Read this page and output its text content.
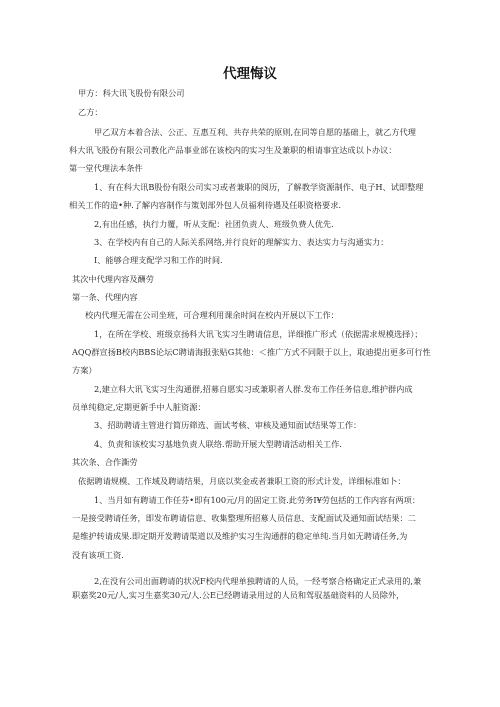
代理悔议

甲方：科大讯飞股份有限公司

乙方：

甲乙双方本着合法、公正、互惠互利、共存共荣的原则,在同等自愿的基础上，就乙方代理

科大讯飞股份有限公司教化产品事业部在该校内的实习生及兼职的相请事宜达成以卜办议：

第一堂代理法本条件

1、有在科大讯B股份有限公司实习或者兼职的阅历，了解教学资源制作、电子H、试即整理

相关工作的造•种.了解内容制作与策划部外包人员福利待遇及任职资格要求.

2,有出任感，执行力覆，听从支配：社团负责人、班级负费人优先.

3、在学校内有自己的人际关系网络,并行良好的理解实力、表达实力与沟通实力：

I、能够合理支配学习和工作的时间.

其次中代理内容及酬劳

第一条、代理内容

校内代理无需在公司坐班，可合理利用课余时间在校内开展以下工作：

1，在所在学校、班级京扬科大讯飞实习生聘请信息，详细推广形式（依据需求规模选择）；

AQQ群宣扬B校内BBS论坛C聘请海报张贴G其他：＜推广方式不同限于以上，取迪提出更多可行性

方案）

2,建立科大讯飞实习生沟通群,招募自愿实习或兼职者人群.发布工作任务信息,维护群内成

员单纯稳定,定期更新手中人脏资源：

3、招助聘请主管进行简历筛选、面试考核、审核及通知面试结果等工作：

4、负责和该校实习基地负责人联络.帮助开展大型聘请活动相关工作.

其次条、合作澌劳

依据聘请规模、工作域及聘请结果，月底以奖金或者兼职工资的形式计发，详细标准如卜：

1、当月如有聘请工作任芬•即有100元/月的固定工资.此劳务I¥劳包括的工作内容有两项：

一是接受聘请任务，即发布聘请信息、收集整理所招募人员信息、支配面试及通知面试结果：二

是维护转请成果.即定期开发聘请渠道以及维护实习生沟通群的稳定单纯.当月如无聘请任务,为

没有该项工资.

2,在没有公司出面聘请的状况F校内代理单独聘请的人员，一经考察合格确定正式录用的,兼

职嘉奖20元/人,实习生嘉奖30元/人.公E已经聘请录用过的人员和驾驭基础资料的人员除外，
